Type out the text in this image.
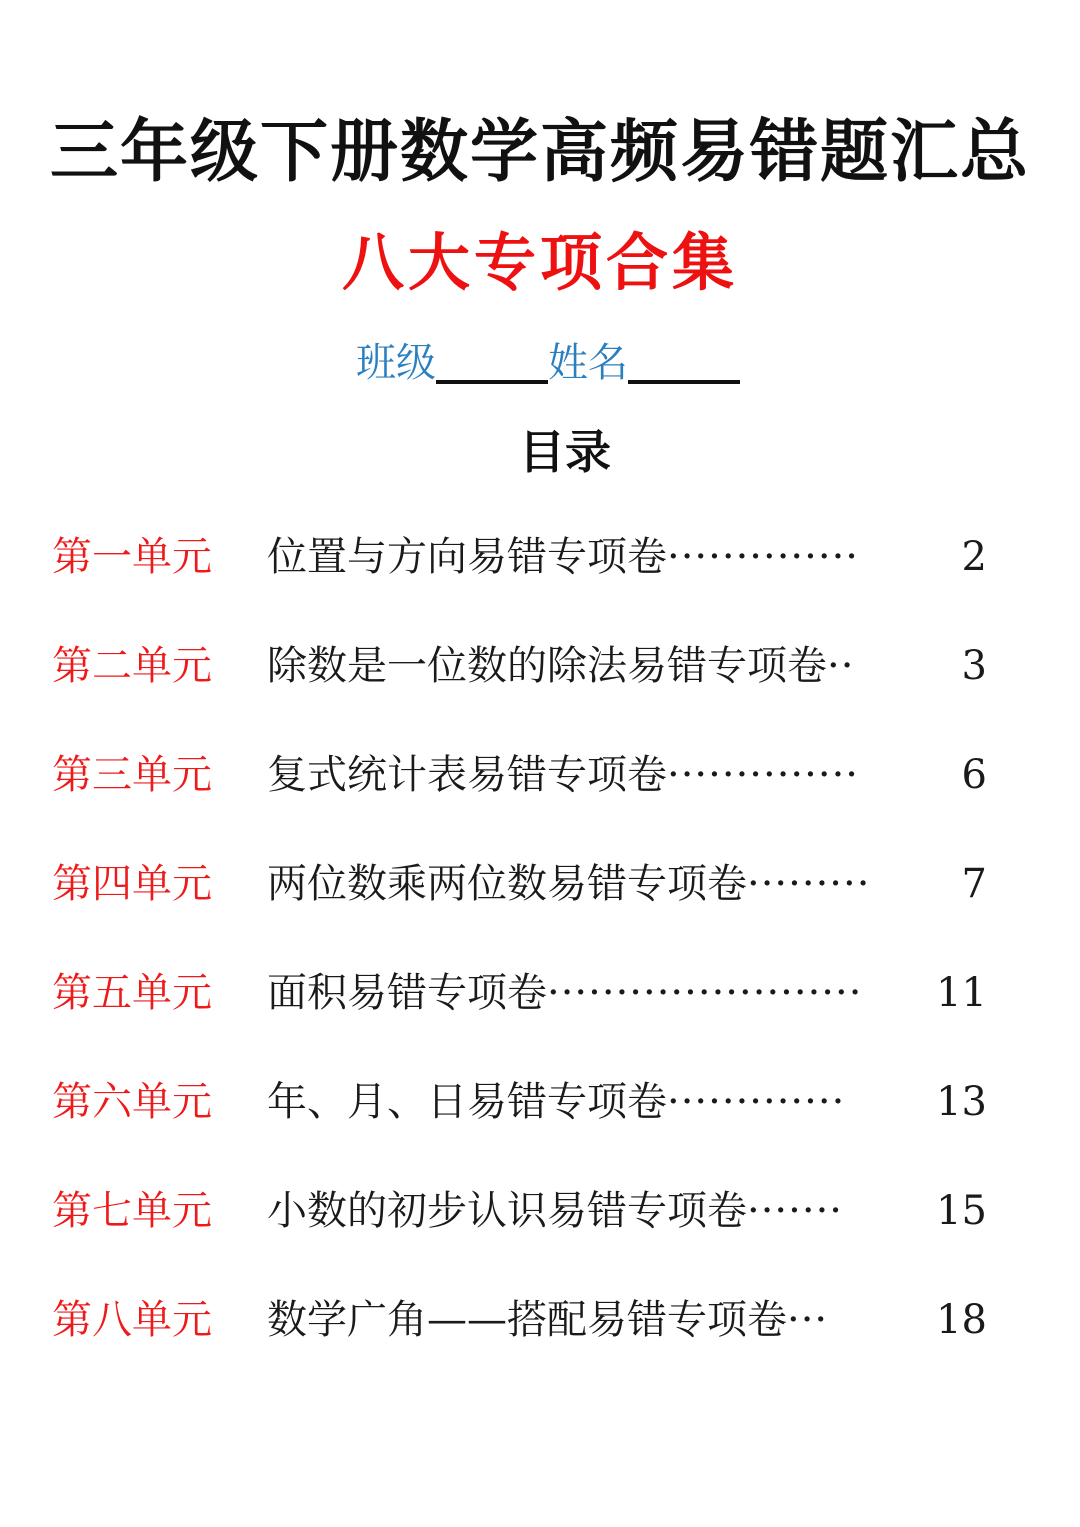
三年级下册数学高频易错题汇总
八大专项合集
班级	姓名
目录
第一单元	位置与方向易错专项卷 ··············	2
第二单元	除数是一位数的除法易错专项卷 ··	3
第三单元	复式统计表易错专项卷 ··············	6
第四单元	两位数乘两位数易错专项卷 ·········	7
第五单元	面积易错专项卷 ·······················	11
第六单元	年、月、日易错专项卷 ·············	13
第七单元	小数的初步认识易错专项卷 ·······	15
第八单元	数学广角——搭配易错专项卷 ···	18
